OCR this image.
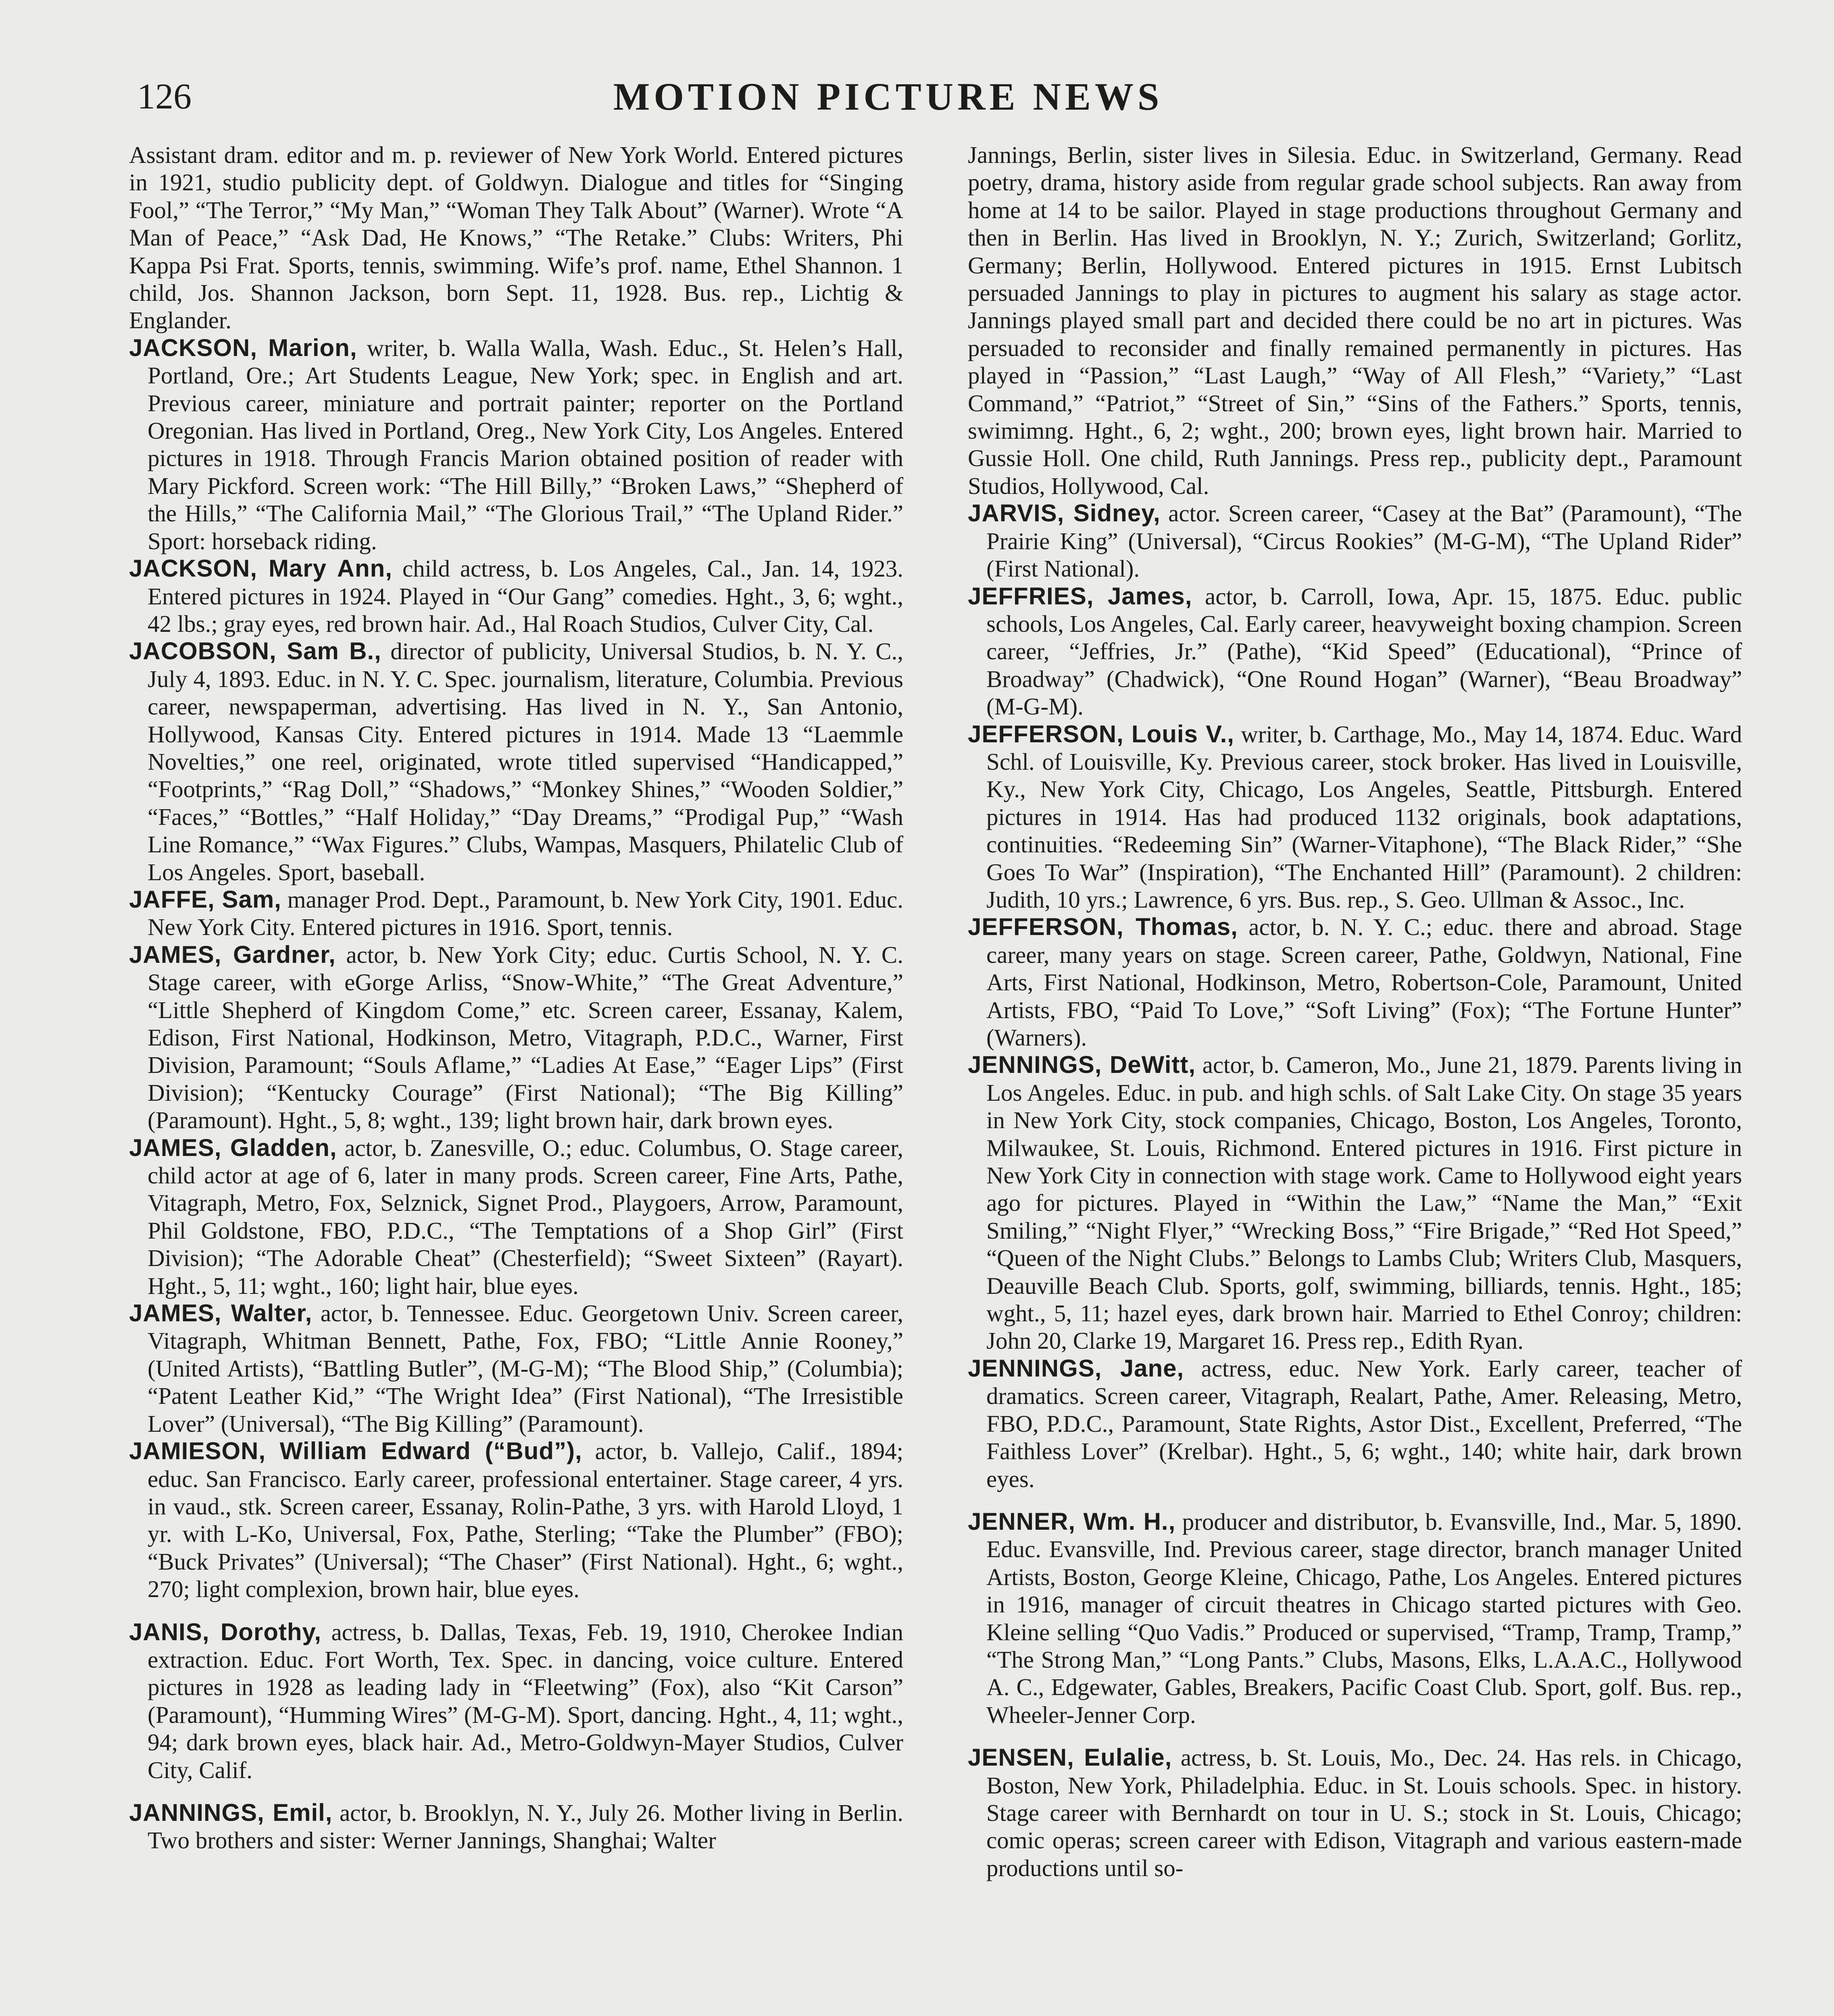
126	MOTION PICTURE NEWS

Assistant dram. editor and m. p. reviewer of New York World. Entered pictures in 1921, studio publicity dept. of Goldwyn. Dialogue and titles for “Singing Fool,” “The Terror,” “My Man,” “Woman They Talk About” (Warner). Wrote “A Man of Peace,” “Ask Dad, He Knows,” “The Retake.” Clubs: Writers, Phi Kappa Psi Frat. Sports, tennis, swimming. Wife’s prof. name, Ethel Shannon. 1 child, Jos. Shannon Jackson, born Sept. 11, 1928. Bus. rep., Lichtig & Englander.

JACKSON, Marion, writer, b. Walla Walla, Wash. Educ., St. Helen’s Hall, Portland, Ore.; Art Students League, New York; spec. in English and art. Previous career, miniature and portrait painter; reporter on the Portland Oregonian. Has lived in Portland, Oreg., New York City, Los Angeles. Entered pictures in 1918. Through Francis Marion obtained position of reader with Mary Pickford. Screen work: “The Hill Billy,” “Broken Laws,” “Shepherd of the Hills,” “The California Mail,” “The Glorious Trail,” “The Upland Rider.” Sport: horseback riding.

JACKSON, Mary Ann, child actress, b. Los Angeles, Cal., Jan. 14, 1923. Entered pictures in 1924. Played in “Our Gang” comedies. Hght., 3, 6; wght., 42 lbs.; gray eyes, red brown hair. Ad., Hal Roach Studios, Culver City, Cal.

JACOBSON, Sam B., director of publicity, Universal Studios, b. N. Y. C., July 4, 1893. Educ. in N. Y. C. Spec. journalism, literature, Columbia. Previous career, newspaperman, advertising. Has lived in N. Y., San Antonio, Hollywood, Kansas City. Entered pictures in 1914. Made 13 “Laemmle Novelties,” one reel, originated, wrote titled supervised “Handicapped,” “Footprints,” “Rag Doll,” “Shadows,” “Monkey Shines,” “Wooden Soldier,” “Faces,” “Bottles,” “Half Holiday,” “Day Dreams,” “Prodigal Pup,” “Wash Line Romance,” “Wax Figures.” Clubs, Wampas, Masquers, Philatelic Club of Los Angeles. Sport, baseball.

JAFFE, Sam, manager Prod. Dept., Paramount, b. New York City, 1901. Educ. New York City. Entered pictures in 1916. Sport, tennis.

JAMES, Gardner, actor, b. New York City; educ. Curtis School, N. Y. C. Stage career, with eGorge Arliss, “Snow-White,” “The Great Adventure,” “Little Shepherd of Kingdom Come,” etc. Screen career, Essanay, Kalem, Edison, First National, Hodkinson, Metro, Vitagraph, P.D.C., Warner, First Division, Paramount; “Souls Aflame,” “Ladies At Ease,” “Eager Lips” (First Division); “Kentucky Courage” (First National); “The Big Killing” (Paramount). Hght., 5, 8; wght., 139; light brown hair, dark brown eyes.

JAMES, Gladden, actor, b. Zanesville, O.; educ. Columbus, O. Stage career, child actor at age of 6, later in many prods. Screen career, Fine Arts, Pathe, Vitagraph, Metro, Fox, Selznick, Signet Prod., Playgoers, Arrow, Paramount, Phil Goldstone, FBO, P.D.C., “The Temptations of a Shop Girl” (First Division); “The Adorable Cheat” (Chesterfield); “Sweet Sixteen” (Rayart). Hght., 5, 11; wght., 160; light hair, blue eyes.

JAMES, Walter, actor, b. Tennessee. Educ. Georgetown Univ. Screen career, Vitagraph, Whitman Bennett, Pathe, Fox, FBO; “Little Annie Rooney,” (United Artists), “Battling Butler”, (M-G-M); “The Blood Ship,” (Columbia); “Patent Leather Kid,” “The Wright Idea” (First National), “The Irresistible Lover” (Universal), “The Big Killing” (Paramount).

JAMIESON, William Edward (“Bud”), actor, b. Vallejo, Calif., 1894; educ. San Francisco. Early career, professional entertainer. Stage career, 4 yrs. in vaud., stk. Screen career, Essanay, Rolin-Pathe, 3 yrs. with Harold Lloyd, 1 yr. with L-Ko, Universal, Fox, Pathe, Sterling; “Take the Plumber” (FBO); “Buck Privates” (Universal); “The Chaser” (First National). Hght., 6; wght., 270; light complexion, brown hair, blue eyes.

JANIS, Dorothy, actress, b. Dallas, Texas, Feb. 19, 1910, Cherokee Indian extraction. Educ. Fort Worth, Tex. Spec. in dancing, voice culture. Entered pictures in 1928 as leading lady in “Fleetwing” (Fox), also “Kit Carson” (Paramount), “Humming Wires” (M-G-M). Sport, dancing. Hght., 4, 11; wght., 94; dark brown eyes, black hair. Ad., Metro-Goldwyn-Mayer Studios, Culver City, Calif.

JANNINGS, Emil, actor, b. Brooklyn, N. Y., July 26. Mother living in Berlin. Two brothers and sister: Werner Jannings, Shanghai; Walter

Jannings, Berlin, sister lives in Silesia. Educ. in Switzerland, Germany. Read poetry, drama, history aside from regular grade school subjects. Ran away from home at 14 to be sailor. Played in stage productions throughout Germany and then in Berlin. Has lived in Brooklyn, N. Y.; Zurich, Switzerland; Gorlitz, Germany; Berlin, Hollywood. Entered pictures in 1915. Ernst Lubitsch persuaded Jannings to play in pictures to augment his salary as stage actor. Jannings played small part and decided there could be no art in pictures. Was persuaded to reconsider and finally remained permanently in pictures. Has played in “Passion,” “Last Laugh,” “Way of All Flesh,” “Variety,” “Last Command,” “Patriot,” “Street of Sin,” “Sins of the Fathers.” Sports, tennis, swimimng. Hght., 6, 2; wght., 200; brown eyes, light brown hair. Married to Gussie Holl. One child, Ruth Jannings. Press rep., publicity dept., Paramount Studios, Hollywood, Cal.

JARVIS, Sidney, actor. Screen career, “Casey at the Bat” (Paramount), “The Prairie King” (Universal), “Circus Rookies” (M-G-M), “The Upland Rider” (First National).

JEFFRIES, James, actor, b. Carroll, Iowa, Apr. 15, 1875. Educ. public schools, Los Angeles, Cal. Early career, heavyweight boxing champion. Screen career, “Jeffries, Jr.” (Pathe), “Kid Speed” (Educational), “Prince of Broadway” (Chadwick), “One Round Hogan” (Warner), “Beau Broadway” (M-G-M).

JEFFERSON, Louis V., writer, b. Carthage, Mo., May 14, 1874. Educ. Ward Schl. of Louisville, Ky. Previous career, stock broker. Has lived in Louisville, Ky., New York City, Chicago, Los Angeles, Seattle, Pittsburgh. Entered pictures in 1914. Has had produced 1132 originals, book adaptations, continuities. “Redeeming Sin” (Warner-Vitaphone), “The Black Rider,” “She Goes To War” (Inspiration), “The Enchanted Hill” (Paramount). 2 children: Judith, 10 yrs.; Lawrence, 6 yrs. Bus. rep., S. Geo. Ullman & Assoc., Inc.

JEFFERSON, Thomas, actor, b. N. Y. C.; educ. there and abroad. Stage career, many years on stage. Screen career, Pathe, Goldwyn, National, Fine Arts, First National, Hodkinson, Metro, Robertson-Cole, Paramount, United Artists, FBO, “Paid To Love,” “Soft Living” (Fox); “The Fortune Hunter” (Warners).

JENNINGS, DeWitt, actor, b. Cameron, Mo., June 21, 1879. Parents living in Los Angeles. Educ. in pub. and high schls. of Salt Lake City. On stage 35 years in New York City, stock companies, Chicago, Boston, Los Angeles, Toronto, Milwaukee, St. Louis, Richmond. Entered pictures in 1916. First picture in New York City in connection with stage work. Came to Hollywood eight years ago for pictures. Played in “Within the Law,” “Name the Man,” “Exit Smiling,” “Night Flyer,” “Wrecking Boss,” “Fire Brigade,” “Red Hot Speed,” “Queen of the Night Clubs.” Belongs to Lambs Club; Writers Club, Masquers, Deauville Beach Club. Sports, golf, swimming, billiards, tennis. Hght., 185; wght., 5, 11; hazel eyes, dark brown hair. Married to Ethel Conroy; children: John 20, Clarke 19, Margaret 16. Press rep., Edith Ryan.

JENNINGS, Jane, actress, educ. New York. Early career, teacher of dramatics. Screen career, Vitagraph, Realart, Pathe, Amer. Releasing, Metro, FBO, P.D.C., Paramount, State Rights, Astor Dist., Excellent, Preferred, “The Faithless Lover” (Krelbar). Hght., 5, 6; wght., 140; white hair, dark brown eyes.

JENNER, Wm. H., producer and distributor, b. Evansville, Ind., Mar. 5, 1890. Educ. Evansville, Ind. Previous career, stage director, branch manager United Artists, Boston, George Kleine, Chicago, Pathe, Los Angeles. Entered pictures in 1916, manager of circuit theatres in Chicago started pictures with Geo. Kleine selling “Quo Vadis.” Produced or supervised, “Tramp, Tramp, Tramp,” “The Strong Man,” “Long Pants.” Clubs, Masons, Elks, L.A.A.C., Hollywood A. C., Edgewater, Gables, Breakers, Pacific Coast Club. Sport, golf. Bus. rep., Wheeler-Jenner Corp.

JENSEN, Eulalie, actress, b. St. Louis, Mo., Dec. 24. Has rels. in Chicago, Boston, New York, Philadelphia. Educ. in St. Louis schools. Spec. in history. Stage career with Bernhardt on tour in U. S.; stock in St. Louis, Chicago; comic operas; screen career with Edison, Vitagraph and various eastern-made productions until so-
